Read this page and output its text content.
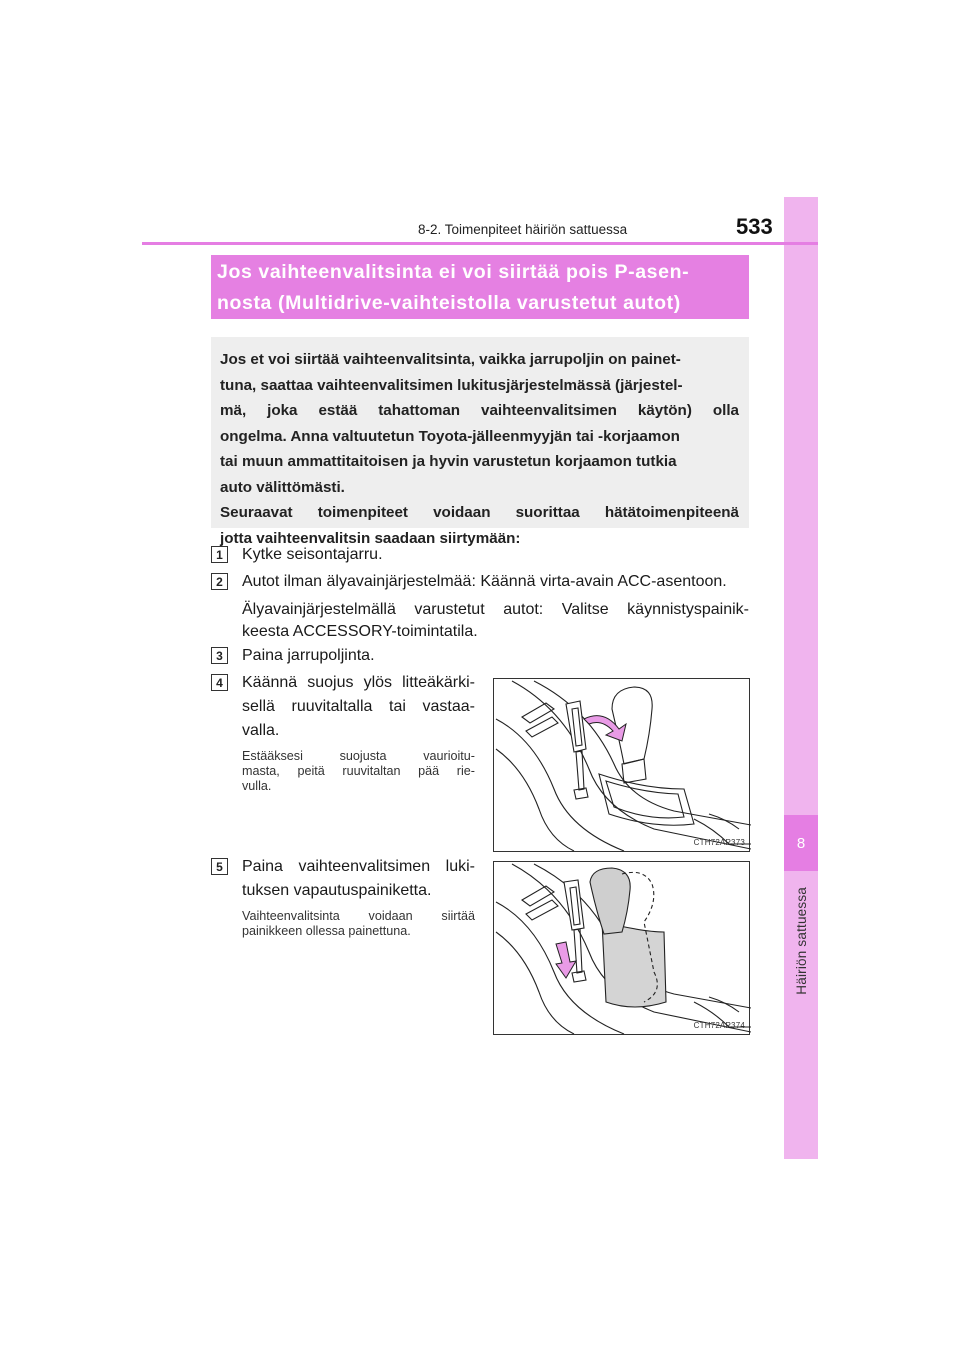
8
Häiriön sattuessa
8-2. Toimenpiteet häiriön sattuessa	533
Jos vaihteenvalitsinta ei voi siirtää pois P-asen-
nosta (Multidrive-vaihteistolla varustetut autot)
Jos et voi siirtää vaihteenvalitsinta, vaikka jarrupoljin on painet-
tuna, saattaa vaihteenvalitsimen lukitusjärjestelmässä (järjestel-
mä, joka estää tahattoman vaihteenvalitsimen käytön) olla
ongelma. Anna valtuutetun Toyota-jälleenmyyjän tai -korjaamon
tai muun ammattitaitoisen ja hyvin varustetun korjaamon tutkia
auto välittömästi.
Seuraavat toimenpiteet voidaan suorittaa hätätoimenpiteenä
jotta vaihteenvalitsin saadaan siirtymään:
1	Kytke seisontajarru.
2	Autot ilman älyavainjärjestelmää: Käännä virta-avain ACC-asentoon.
Älyavainjärjestelmällä varustetut autot: Valitse käynnistyspainik-
keesta ACCESSORY-toimintatila.
3	Paina jarrupoljinta.
4	Käännä suojus ylös litteäkärki-
sellä ruuvitaltalla tai vastaa-
valla.
Estääksesi suojusta vaurioitu-
masta, peitä ruuvitaltan pää rie-
vulla.
CTH72AP373
5	Paina vaihteenvalitsimen luki-
tuksen vapautuspainiketta.
Vaihteenvalitsinta voidaan siirtää
painikkeen ollessa painettuna.
CTH72AP374
